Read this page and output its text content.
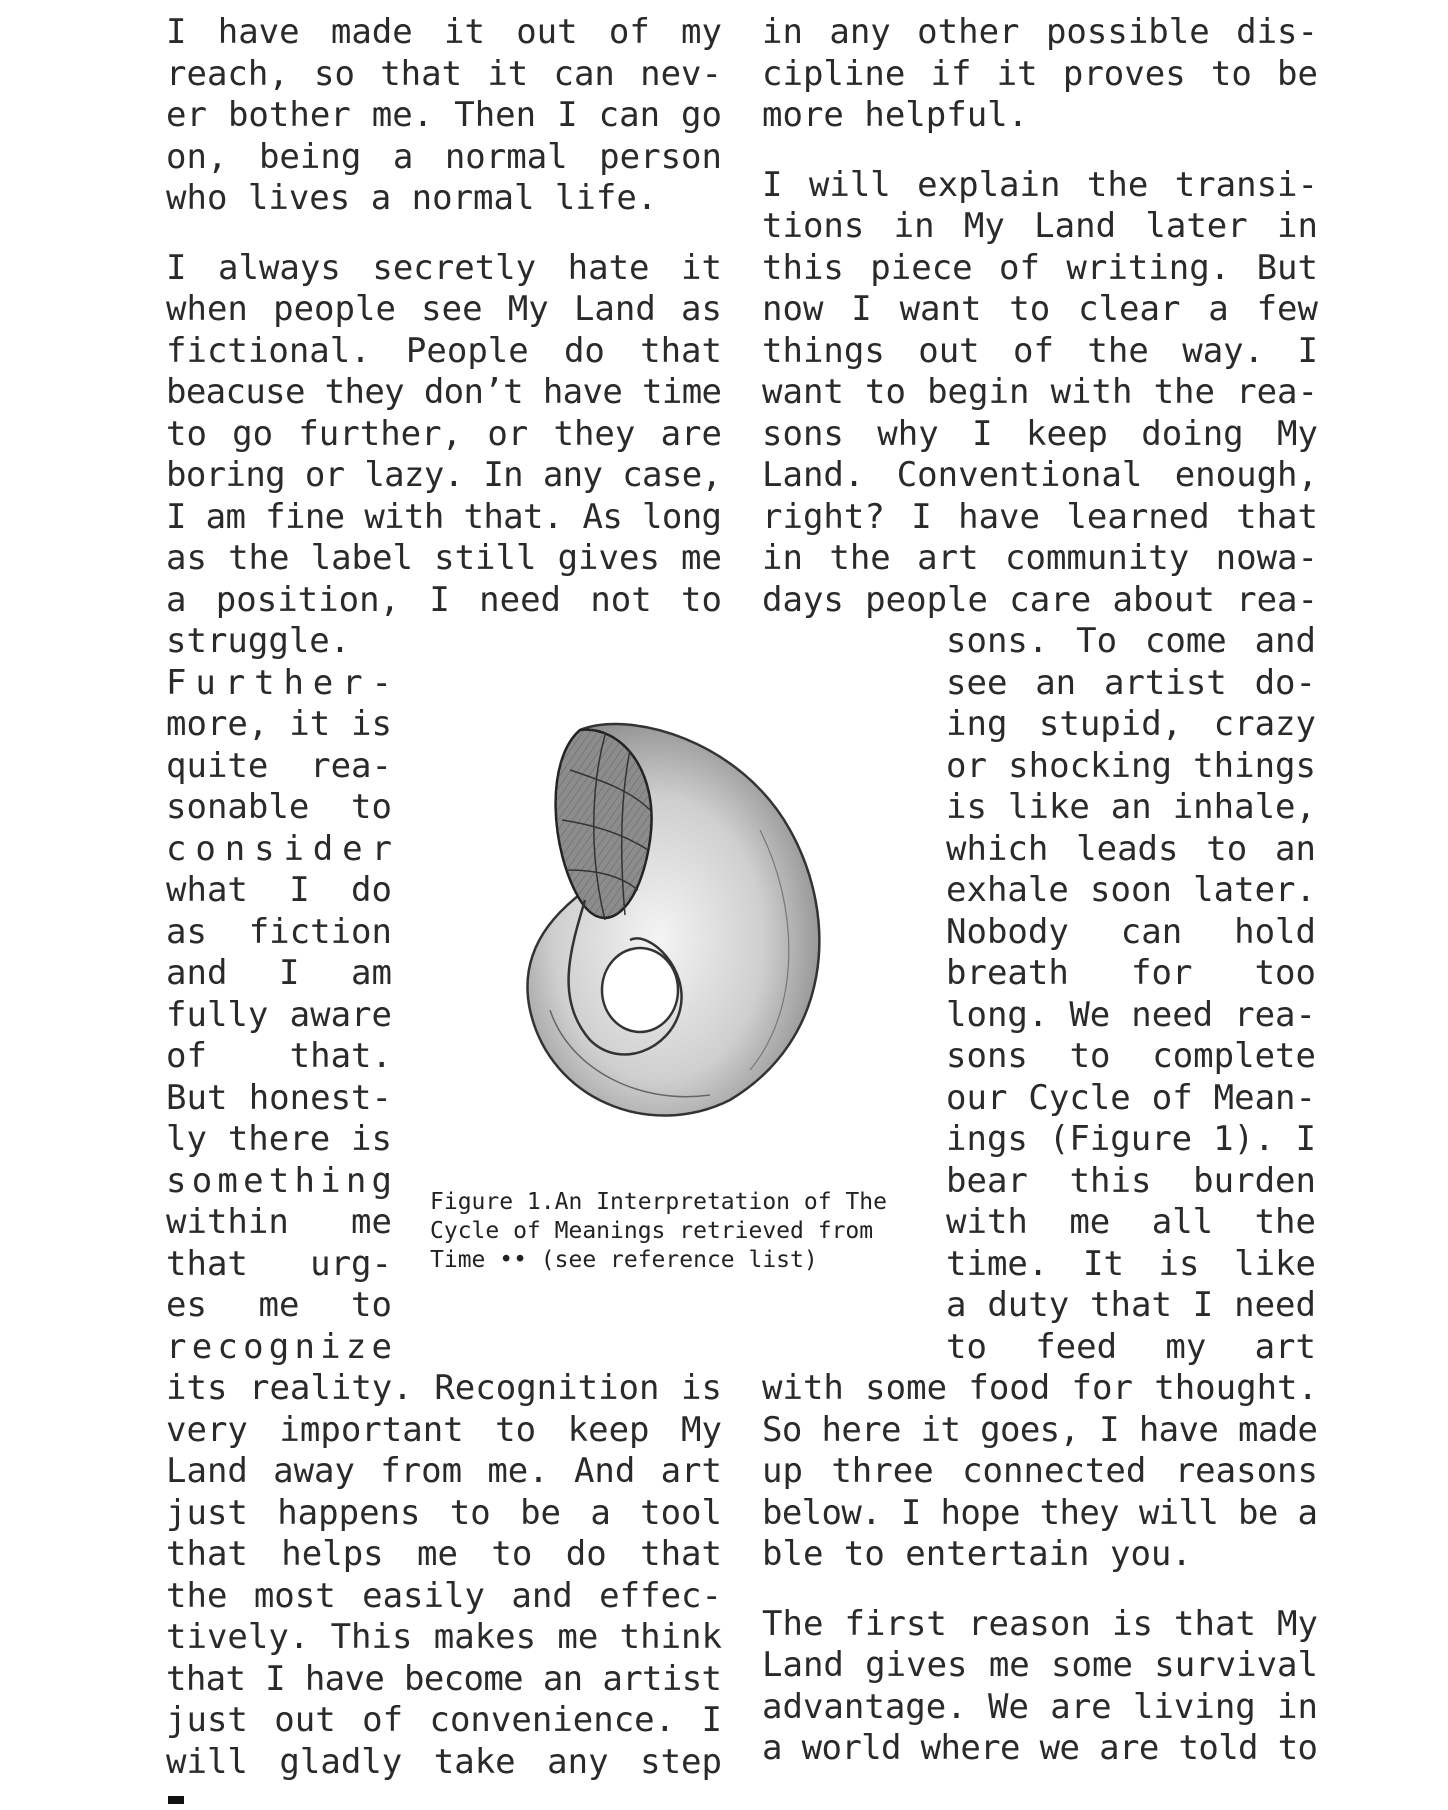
I have made it out of my

reach, so that it can nev-

er bother me. Then I can go

on, being a normal person

who lives a normal life.

I always secretly hate it

when people see My Land as

fictional. People do that

beacuse they don’t have time

to go further, or they are

boring or lazy. In any case,

I am fine with that. As long

as the label still gives me

a position, I need not to

struggle.

Further-

more, it is

quite rea-

sonable to

consider

what I do

as fiction

and I am

fully aware

of that.

But honest-

ly there is

something

within me

that urg-

es me to

recognize

its reality. Recognition is

very important to keep My

Land away from me. And art

just happens to be a tool

that helps me to do that

the most easily and effec-

tively. This makes me think

that I have become an artist

just out of convenience. I

will gladly take any step

in any other possible dis-

cipline if it proves to be

more helpful.

I will explain the transi-

tions in My Land later in

this piece of writing. But

now I want to clear a few

things out of the way. I

want to begin with the rea-

sons why I keep doing My

Land. Conventional enough,

right? I have learned that

in the art community nowa-

days people care about rea-

sons. To come and

see an artist do-

ing stupid, crazy

or shocking things

is like an inhale,

which leads to an

exhale soon later.

Nobody can hold

breath for too

long. We need rea-

sons to complete

our Cycle of Mean-

ings (Figure 1). I

bear this burden

with me all the

time. It is like

a duty that I need

to feed my art

with some food for thought.

So here it goes, I have made

up three connected reasons

below. I hope they will be a

ble to entertain you.

The first reason is that My

Land gives me some survival

advantage. We are living in

a world where we are told to

Figure 1.An Interpretation of The
Cycle of Meanings retrieved from
Time •• (see reference list)
